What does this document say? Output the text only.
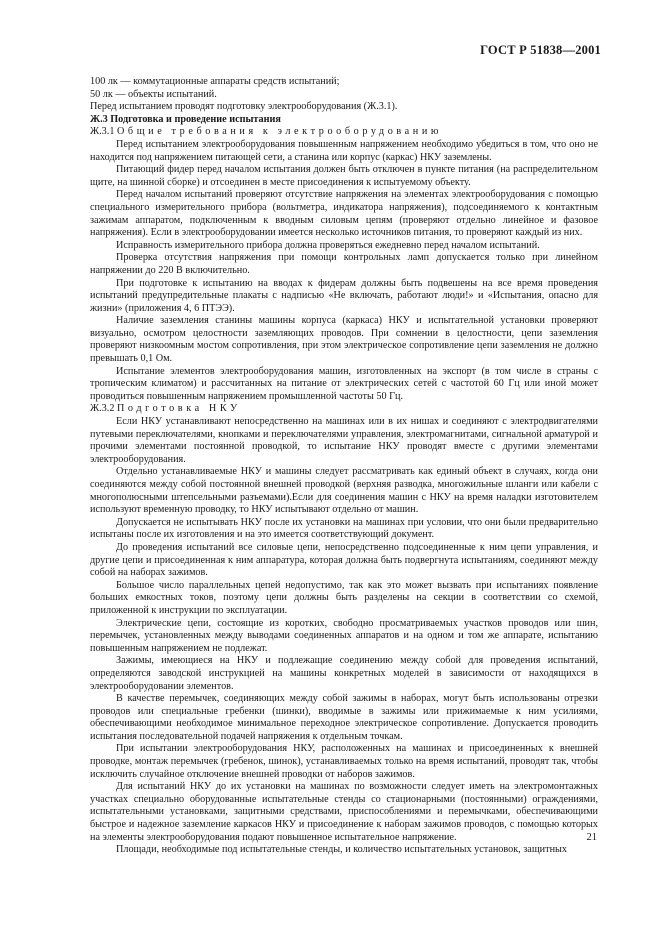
ГОСТ Р 51838—2001

100 лк — коммутационные аппараты средств испытаний;

50 лк — объекты испытаний.

Перед испытанием проводят подготовку электрооборудования (Ж.3.1).

Ж.3 Подготовка и проведение испытания

Ж.3.1 Общие требования к электрооборудованию

Перед испытанием электрооборудования повышенным напряжением необходимо убедиться в том, что оно не находится под напряжением питающей сети, а станина или корпус (каркас) НКУ заземлены.

Питающий фидер перед началом испытания должен быть отключен в пункте питания (на распределительном щите, на шинной сборке) и отсоединен в месте присоединения к испытуемому объекту.

Перед началом испытаний проверяют отсутствие напряжения на элементах электрооборудования с помощью специального измерительного прибора (вольтметра, индикатора напряжения), подсоединяемого к контактным зажимам аппаратом, подключенным к вводным силовым цепям (проверяют отдельно линейное и фазовое напряжения). Если в электрооборудовании имеется несколько источников питания, то проверяют каждый из них.

Исправность измерительного прибора должна проверяться ежедневно перед началом испытаний.

Проверка отсутствия напряжения при помощи контрольных ламп допускается только при линейном напряжении до 220 В включительно.

При подготовке к испытанию на вводах к фидерам должны быть подвешены на все время проведения испытаний предупредительные плакаты с надписью «Не включать, работают люди!» и «Испытания, опасно для жизни» (приложения 4, 6 ПТЭЭ).

Наличие заземления станины машины корпуса (каркаса) НКУ и испытательной установки проверяют визуально, осмотром целостности заземляющих проводов. При сомнении в целостности, цепи заземления проверяют низкоомным мостом сопротивления, при этом электрическое сопротивление цепи заземления не должно превышать 0,1 Ом.

Испытание элементов электрооборудования машин, изготовленных на экспорт (в том числе в страны с тропическим климатом) и рассчитанных на питание от электрических сетей с частотой 60 Гц или иной может проводиться повышенным напряжением промышленной частоты 50 Гц.

Ж.3.2 Подготовка НКУ

Если НКУ устанавливают непосредственно на машинах или в их нишах и соединяют с электродвигателями путевыми переключателями, кнопками и переключателями управления, электромагнитами, сигнальной арматурой и прочими элементами постоянной проводкой, то испытание НКУ проводят вместе с другими элементами электрооборудования.

Отдельно устанавливаемые НКУ и машины следует рассматривать как единый объект в случаях, когда они соединяются между собой постоянной внешней проводкой (верхняя разводка, многожильные шланги или кабели с многополюсными штепсельными разъемами).Если для соединения машин с НКУ на время наладки изготовителем используют временную проводку, то НКУ испытывают отдельно от машин.

Допускается не испытывать НКУ после их установки на машинах при условии, что они были предварительно испытаны после их изготовления и на это имеется соответствующий документ.

До проведения испытаний все силовые цепи, непосредственно подсоединенные к ним цепи управления, и другие цепи и присоединенная к ним аппаратура, которая должна быть подвергнута испытаниям, соединяют между собой на наборах зажимов.

Большое число параллельных цепей недопустимо, так как это может вызвать при испытаниях появление больших емкостных токов, поэтому цепи должны быть разделены на секции в соответствии со схемой, приложенной к инструкции по эксплуатации.

Электрические цепи, состоящие из коротких, свободно просматриваемых участков проводов или шин, перемычек, установленных между выводами соединенных аппаратов и на одном и том же аппарате, испытанию повышенным напряжением не подлежат.

Зажимы, имеющиеся на НКУ и подлежащие соединению между собой для проведения испытаний, определяются заводской инструкцией на машины конкретных моделей в зависимости от находящихся в электрооборудовании элементов.

В качестве перемычек, соединяющих между собой зажимы в наборах, могут быть использованы отрезки проводов или специальные гребенки (шинки), вводимые в зажимы или прижимаемые к ним усилиями, обеспечивающими необходимое минимальное переходное электрическое сопротивление. Допускается проводить испытания последовательной подачей напряжения к отдельным точкам.

При испытании электрооборудования НКУ, расположенных на машинах и присоединенных к внешней проводке, монтаж перемычек (гребенок, шинок), устанавливаемых только на время испытаний, проводят так, чтобы исключить случайное отключение внешней проводки от наборов зажимов.

Для испытаний НКУ до их установки на машинах по возможности следует иметь на электромонтажных участках специально оборудованные испытательные стенды со стационарными (постоянными) ограждениями, испытательными установками, защитными средствами, приспособлениями и перемычками, обеспечивающими быстрое и надежное заземление каркасов НКУ и присоединение к наборам зажимов проводов, с помощью которых на элементы электрооборудования подают повышенное испытательное напряжение.

Площади, необходимые под испытательные стенды, и количество испытательных установок, защитных

21
